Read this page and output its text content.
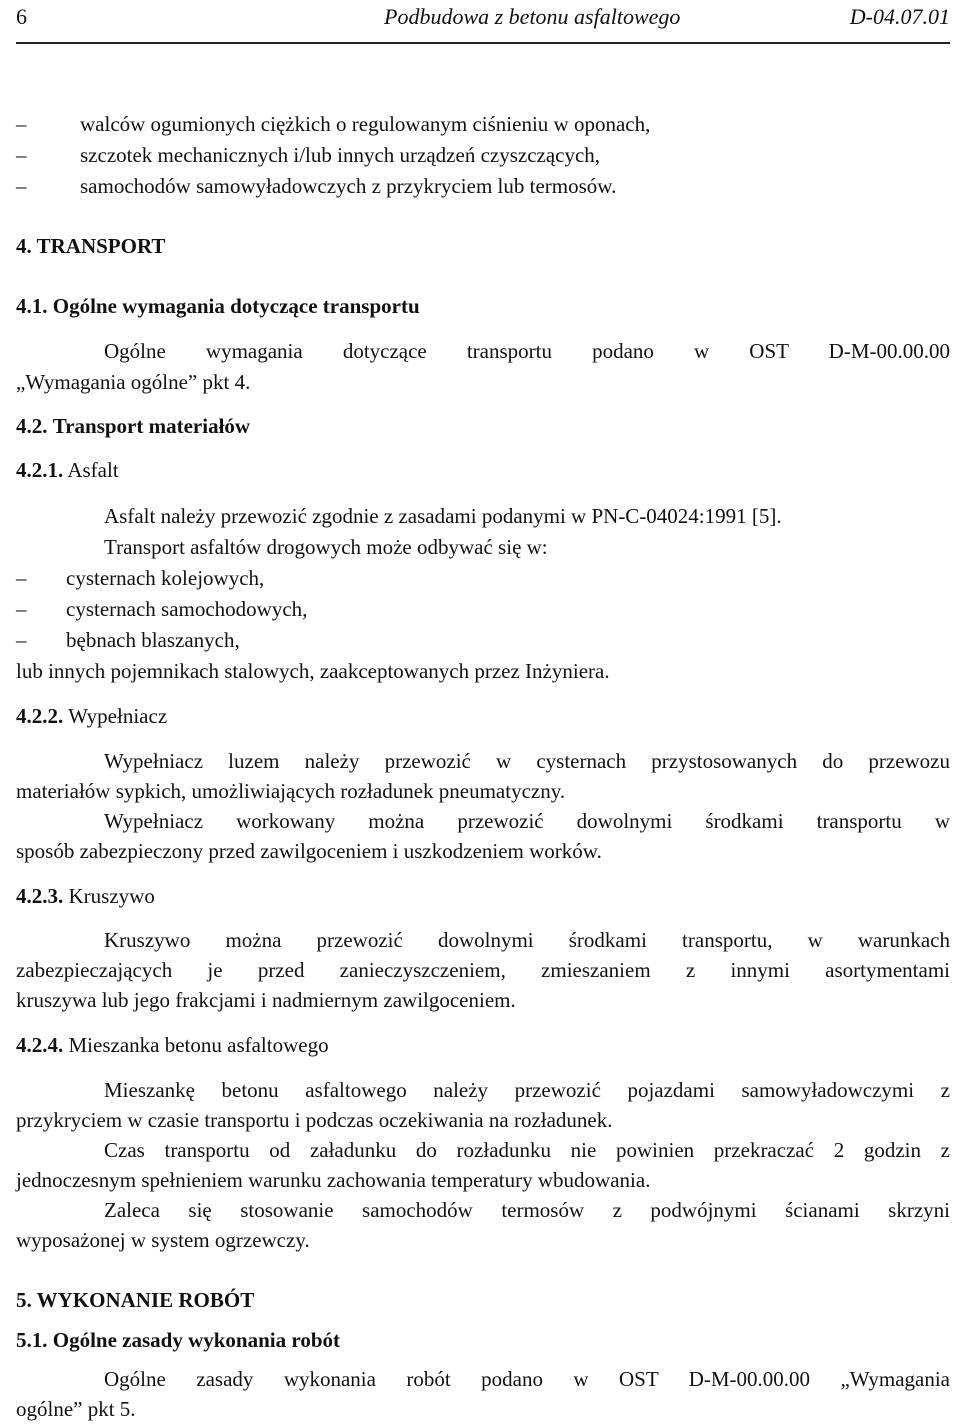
6	Podbudowa z betonu asfaltowego	D-04.07.01
–	walców ogumionych ciężkich o regulowanym ciśnieniu w oponach,
–	szczotek mechanicznych i/lub innych urządzeń czyszczących,
–	samochodów samowyładowczych z przykryciem lub termosów.
4. TRANSPORT
4.1. Ogólne wymagania dotyczące transportu
Ogólne wymagania dotyczące transportu podano w OST D-M-00.00.00
„Wymagania ogólne” pkt 4.
4.2. Transport materiałów
4.2.1. Asfalt
Asfalt należy przewozić zgodnie z zasadami podanymi w PN-C-04024:1991 [5].
Transport asfaltów drogowych może odbywać się w:
–	cysternach kolejowych,
–	cysternach samochodowych,
–	bębnach blaszanych,
lub innych pojemnikach stalowych, zaakceptowanych przez Inżyniera.
4.2.2. Wypełniacz
Wypełniacz luzem należy przewozić w cysternach przystosowanych do przewozu
materiałów sypkich, umożliwiających rozładunek pneumatyczny.
Wypełniacz workowany można przewozić dowolnymi środkami transportu w
sposób zabezpieczony przed zawilgoceniem i uszkodzeniem worków.
4.2.3. Kruszywo
Kruszywo można przewozić dowolnymi środkami transportu, w warunkach
zabezpieczających je przed zanieczyszczeniem, zmieszaniem z innymi asortymentami
kruszywa lub jego frakcjami i nadmiernym zawilgoceniem.
4.2.4. Mieszanka betonu asfaltowego
Mieszankę betonu asfaltowego należy przewozić pojazdami samowyładowczymi z
przykryciem w czasie transportu i podczas oczekiwania na rozładunek.
Czas transportu od załadunku do rozładunku nie powinien przekraczać 2 godzin z
jednoczesnym spełnieniem warunku zachowania temperatury wbudowania.
Zaleca się stosowanie samochodów termosów z podwójnymi ścianami skrzyni
wyposażonej w system ogrzewczy.
5. WYKONANIE ROBÓT
5.1. Ogólne zasady wykonania robót
Ogólne zasady wykonania robót podano w OST D-M-00.00.00 „Wymagania
ogólne” pkt 5.
